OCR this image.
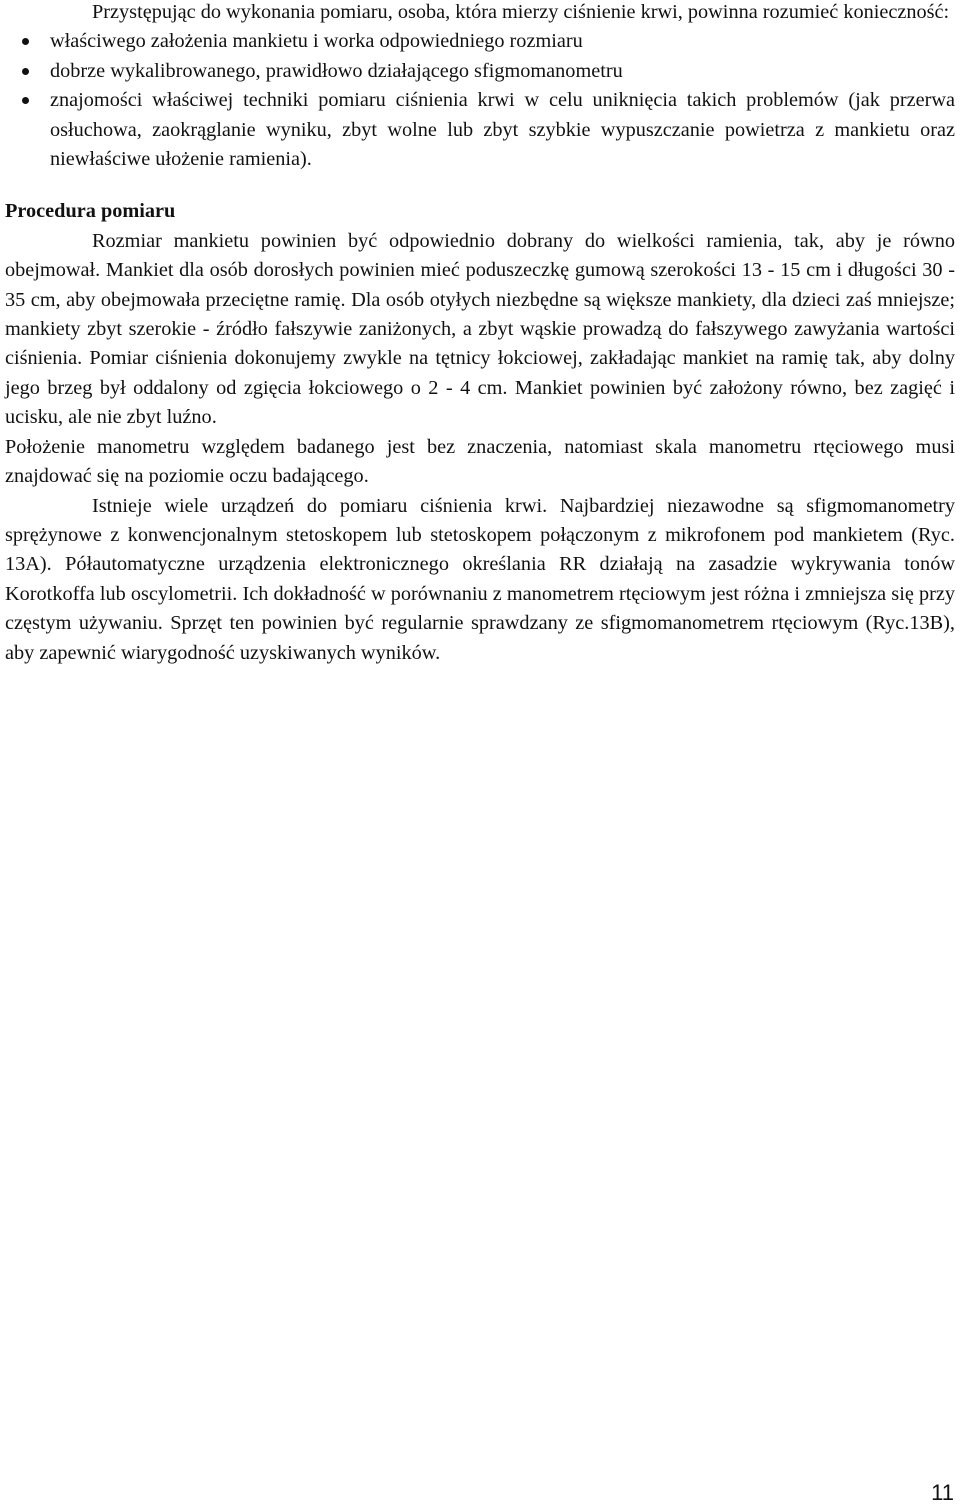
Przystępując do wykonania pomiaru, osoba, która mierzy ciśnienie krwi, powinna rozumieć konieczność:

właściwego założenia mankietu i worka odpowiedniego rozmiaru
dobrze wykalibrowanego, prawidłowo działającego sfigmomanometru
znajomości właściwej techniki pomiaru ciśnienia krwi w celu uniknięcia takich problemów (jak przerwa osłuchowa, zaokrąglanie wyniku, zbyt wolne lub zbyt szybkie wypuszczanie powietrza z mankietu oraz niewłaściwe ułożenie ramienia).

Procedura pomiaru

Rozmiar mankietu powinien być odpowiednio dobrany do wielkości ramienia, tak, aby je równo obejmował. Mankiet dla osób dorosłych powinien mieć poduszeczkę gumową szerokości 13 - 15 cm i długości 30 - 35 cm, aby obejmowała przeciętne ramię. Dla osób otyłych niezbędne są większe mankiety, dla dzieci zaś mniejsze; mankiety zbyt szerokie - źródło fałszywie zaniżonych, a zbyt wąskie prowadzą do fałszywego zawyżania wartości ciśnienia. Pomiar ciśnienia dokonujemy zwykle na tętnicy łokciowej, zakładając mankiet na ramię tak, aby dolny jego brzeg był oddalony od zgięcia łokciowego o 2 - 4 cm. Mankiet powinien być założony równo, bez zagięć i ucisku, ale nie zbyt luźno.

Położenie manometru względem badanego jest bez znaczenia, natomiast skala manometru rtęciowego musi znajdować się na poziomie oczu badającego.

Istnieje wiele urządzeń do pomiaru ciśnienia krwi. Najbardziej niezawodne są sfigmomanometry sprężynowe z konwencjonalnym stetoskopem lub stetoskopem połączonym z mikrofonem pod mankietem (Ryc. 13A). Półautomatyczne urządzenia elektronicznego określania RR działają na zasadzie wykrywania tonów Korotkoffa lub oscylometrii. Ich dokładność w porównaniu z manometrem rtęciowym jest różna i zmniejsza się przy częstym używaniu. Sprzęt ten powinien być regularnie sprawdzany ze sfigmomanometrem rtęciowym (Ryc.13B), aby zapewnić wiarygodność uzyskiwanych wyników.

11
